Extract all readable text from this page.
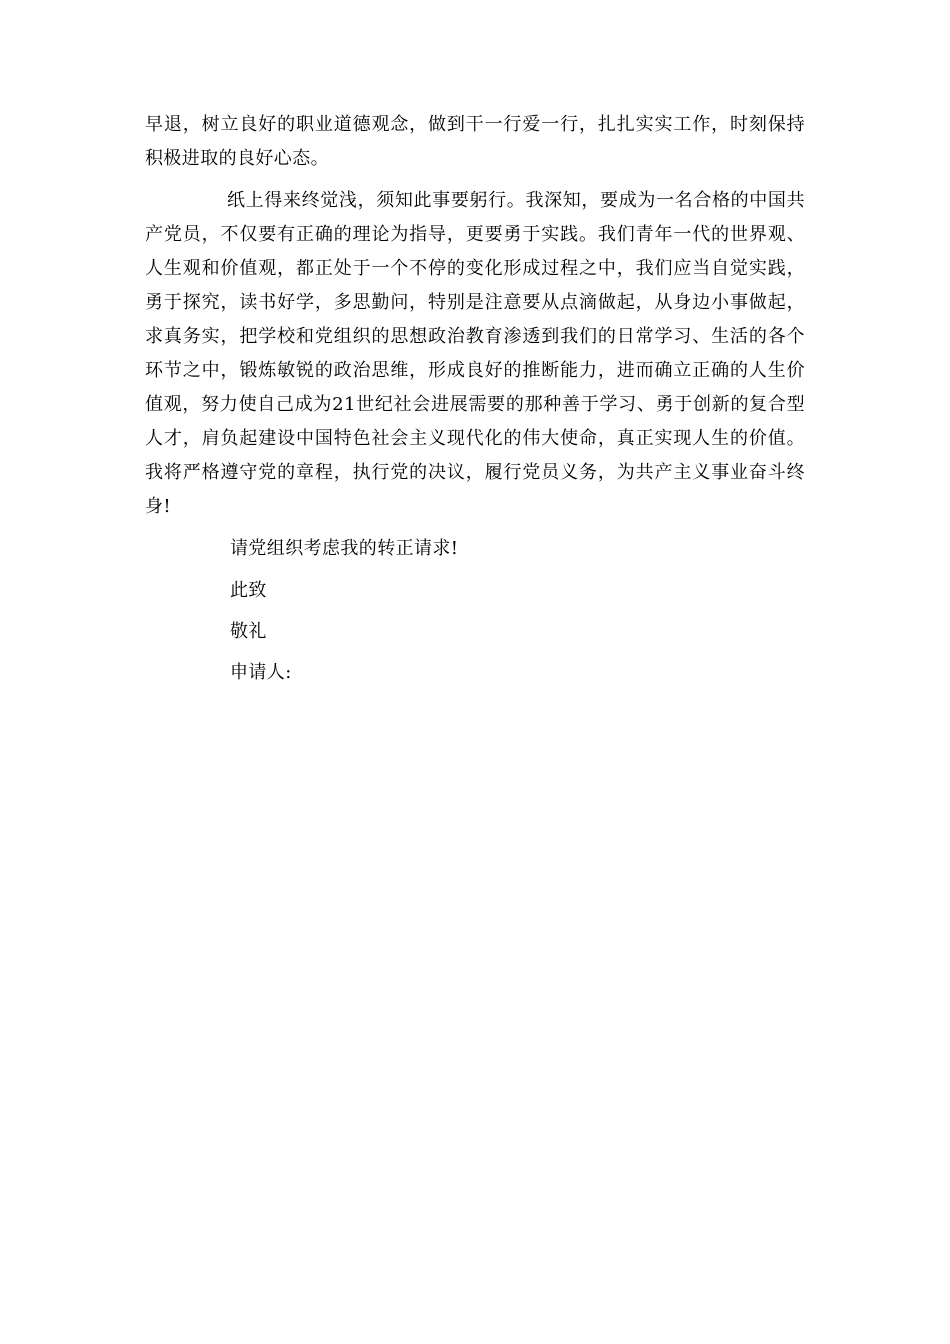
早退，树立良好的职业道德观念，做到干一行爱一行，扎扎实实工作，时刻保持积极进取的良好心态。

纸上得来终觉浅，须知此事要躬行。我深知，要成为一名合格的中国共产党员，不仅要有正确的理论为指导，更要勇于实践。我们青年一代的世界观、人生观和价值观，都正处于一个不停的变化形成过程之中，我们应当自觉实践，勇于探究，读书好学，多思勤问，特别是注意要从点滴做起，从身边小事做起，求真务实，把学校和党组织的思想政治教育渗透到我们的日常学习、生活的各个环节之中，锻炼敏锐的政治思维，形成良好的推断能力，进而确立正确的人生价值观，努力使自己成为21世纪社会进展需要的那种善于学习、勇于创新的复合型人才，肩负起建设中国特色社会主义现代化的伟大使命，真正实现人生的价值。我将严格遵守党的章程，执行党的决议，履行党员义务，为共产主义事业奋斗终身!

请党组织考虑我的转正请求!

此致

敬礼

申请人:
